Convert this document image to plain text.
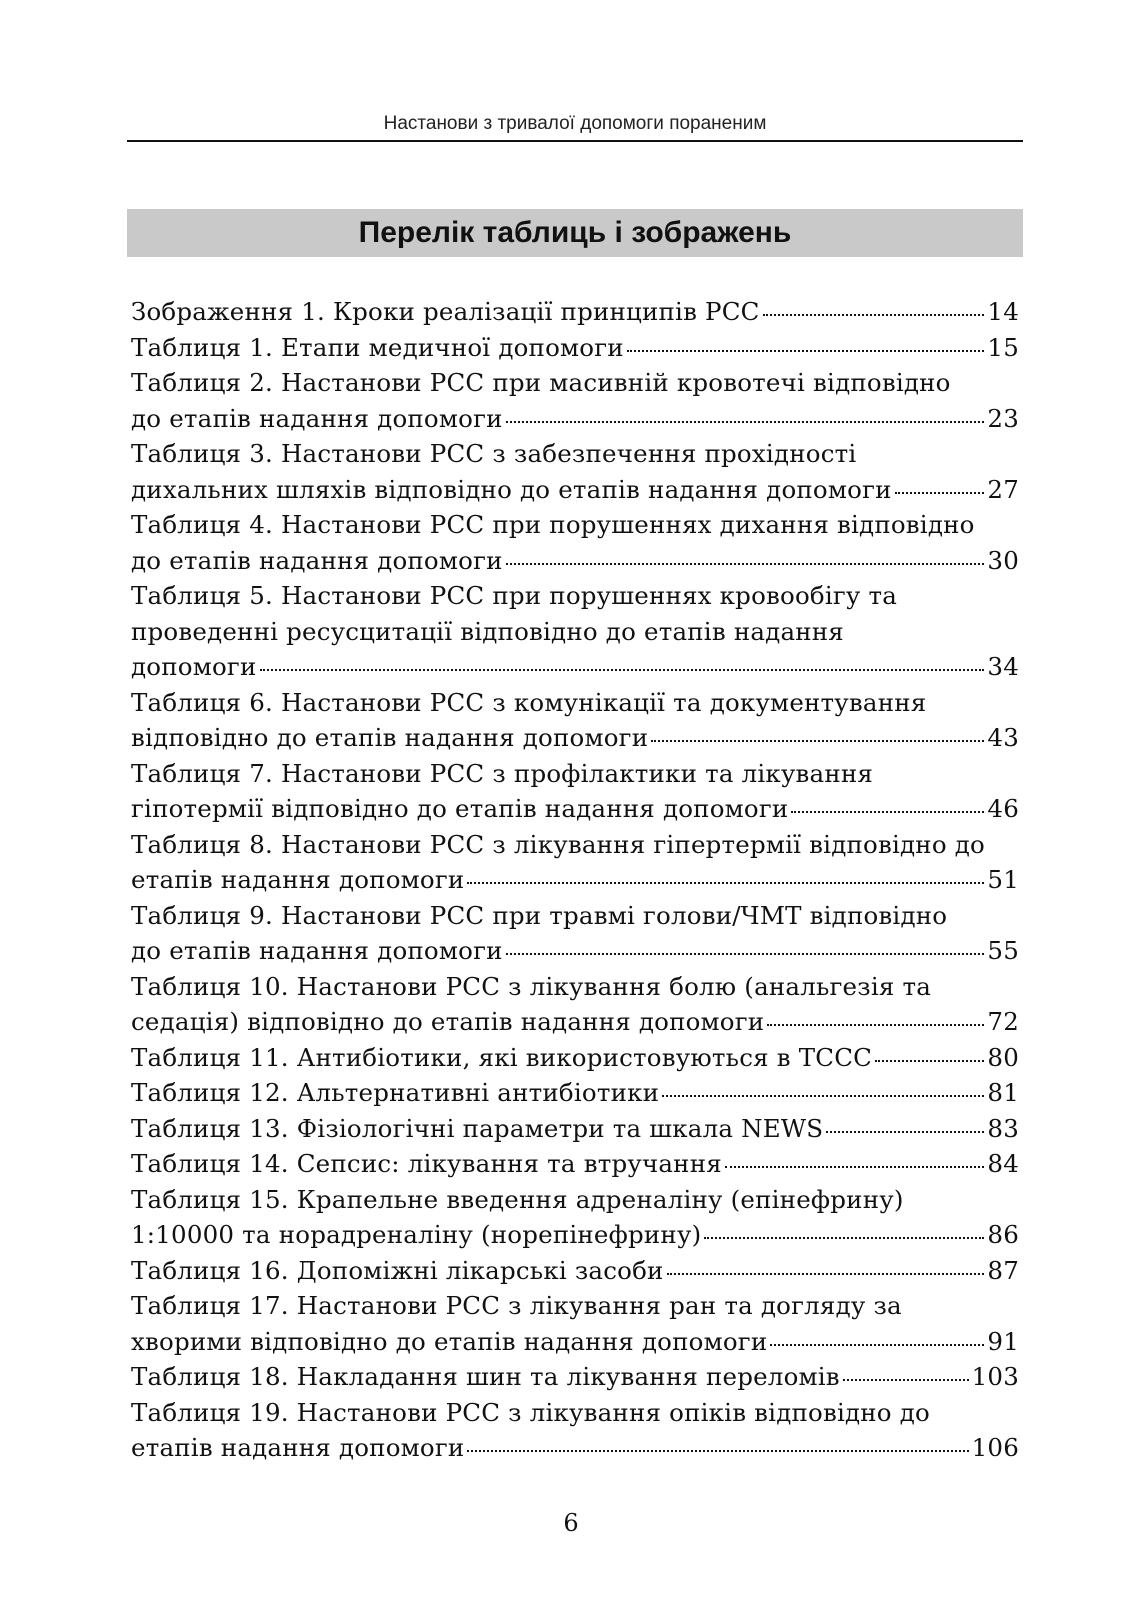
Настанови з тривалої допомоги пораненим
Перелік таблиць і зображень
Зображення 1. Кроки реалізації принципів PCC	14
Таблиця 1. Етапи медичної допомоги	15
Таблиця 2. Настанови PCC при масивній кровотечі відповідно
до етапів надання допомоги	23
Таблиця 3. Настанови PCC з забезпечення прохідності
дихальних шляхів відповідно до етапів надання допомоги	27
Таблиця 4. Настанови PCC при порушеннях дихання відповідно
до етапів надання допомоги	30
Таблиця 5. Настанови PCC при порушеннях кровообігу та
проведенні ресусцитації відповідно до етапів надання
допомоги	34
Таблиця 6. Настанови PCC з комунікації та документування
відповідно до етапів надання допомоги	43
Таблиця 7. Настанови PCC з профілактики та лікування
гіпотермії відповідно до етапів надання допомоги	46
Таблиця 8. Настанови PCC з лікування гіпертермії відповідно до
етапів надання допомоги	51
Таблиця 9. Настанови PCC при травмі голови/ЧМТ відповідно
до етапів надання допомоги	55
Таблиця 10. Настанови PCC з лікування болю (анальгезія та
седація) відповідно до етапів надання допомоги	72
Таблиця 11. Антибіотики, які використовуються в TCCC	80
Таблиця 12. Альтернативні антибіотики	81
Таблиця 13. Фізіологічні параметри та шкала NEWS	83
Таблиця 14. Сепсис: лікування та втручання	84
Таблиця 15. Крапельне введення адреналіну (епінефрину)
1:10000 та норадреналіну (норепінефрину)	86
Таблиця 16. Допоміжні лікарські засоби	87
Таблиця 17. Настанови PCC з лікування ран та догляду за
хворими відповідно до етапів надання допомоги	91
Таблиця 18. Накладання шин та лікування переломів	103
Таблиця 19. Настанови PCC з лікування опіків відповідно до
етапів надання допомоги	106
6
